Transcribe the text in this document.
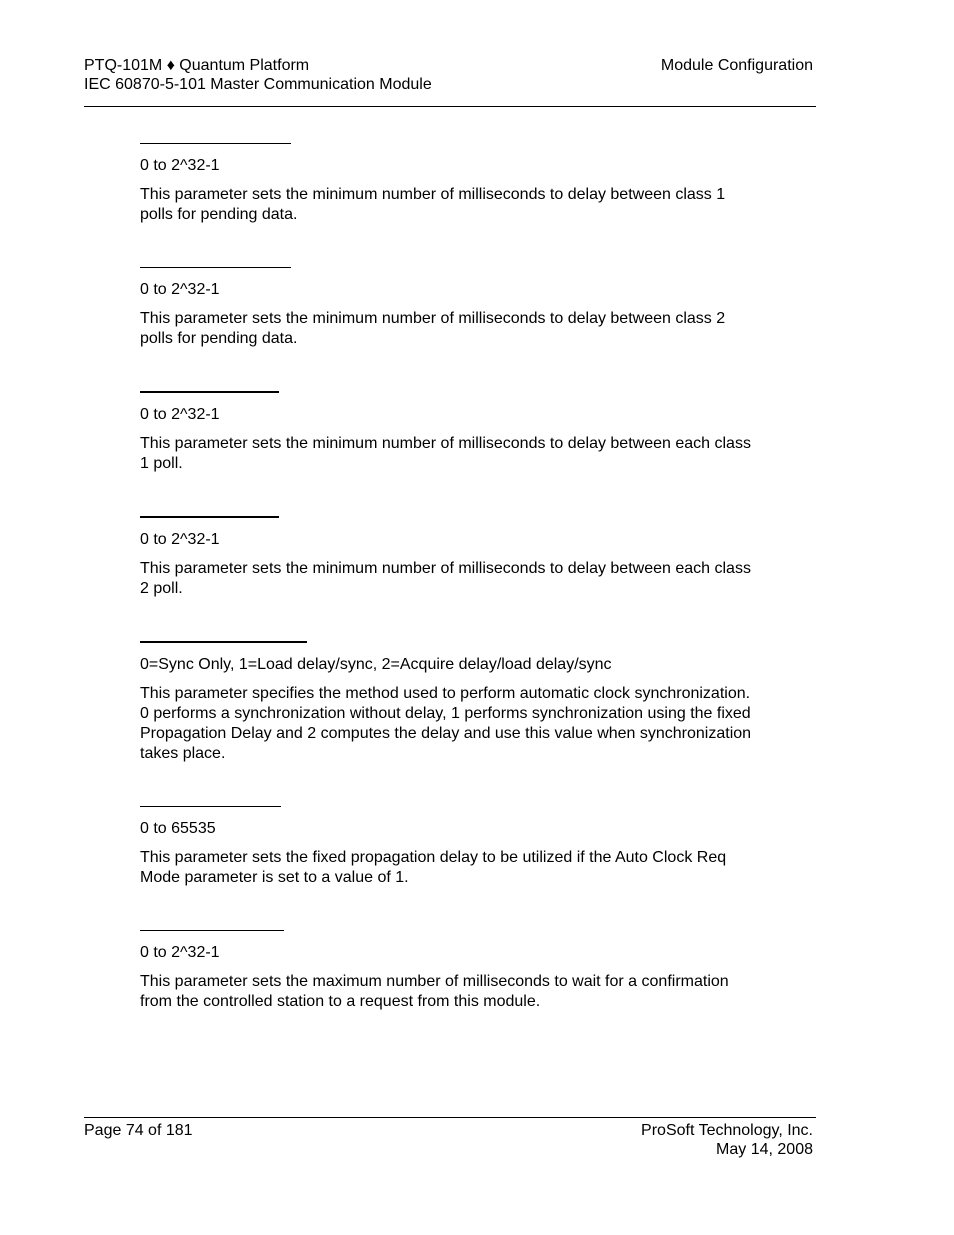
PTQ-101M ♦ Quantum Platform
IEC 60870-5-101 Master Communication Module
Module Configuration
0 to 2^32-1
This parameter sets the minimum number of milliseconds to delay between class 1 polls for pending data.
0 to 2^32-1
This parameter sets the minimum number of milliseconds to delay between class 2 polls for pending data.
0 to 2^32-1
This parameter sets the minimum number of milliseconds to delay between each class 1 poll.
0 to 2^32-1
This parameter sets the minimum number of milliseconds to delay between each class 2 poll.
0=Sync Only, 1=Load delay/sync, 2=Acquire delay/load delay/sync
This parameter specifies the method used to perform automatic clock synchronization. 0 performs a synchronization without delay, 1 performs synchronization using the fixed Propagation Delay and 2 computes the delay and use this value when synchronization takes place.
0 to 65535
This parameter sets the fixed propagation delay to be utilized if the Auto Clock Req Mode parameter is set to a value of 1.
0 to 2^32-1
This parameter sets the maximum number of milliseconds to wait for a confirmation from the controlled station to a request from this module.
Page 74 of 181	ProSoft Technology, Inc.
May 14, 2008
